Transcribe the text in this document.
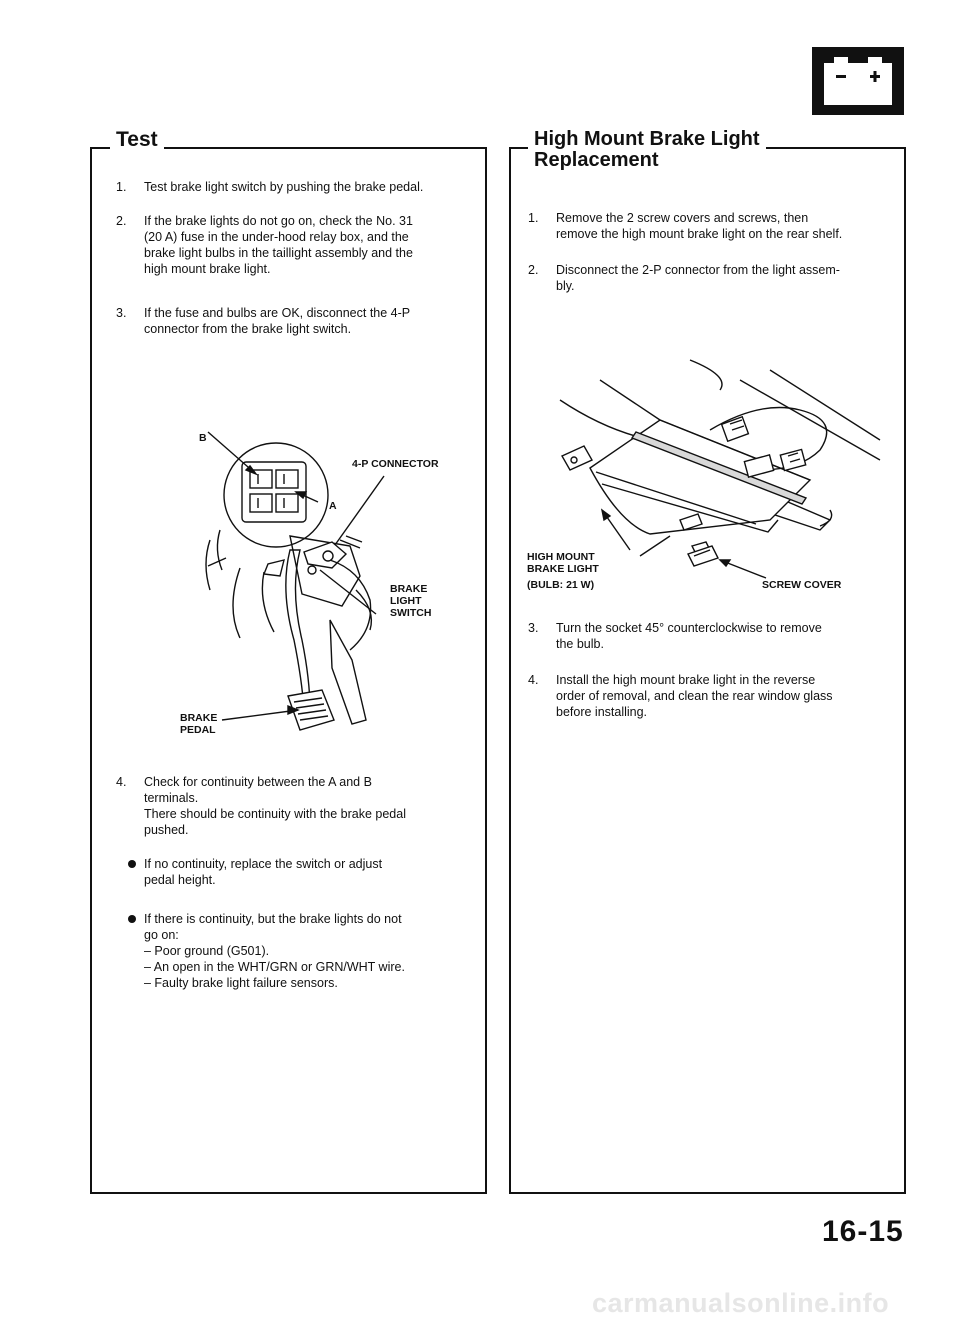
Test
1.	Test brake light switch by pushing the brake pedal.
2.	If the brake lights do not go on, check the No. 31
(20 A) fuse in the under-hood relay box, and the
brake light bulbs in the taillight assembly and the
high mount brake light.
3.	If the fuse and bulbs are OK, disconnect the 4-P
connector from the brake light switch.
B
A
4-P CONNECTOR
BRAKE
LIGHT
SWITCH
BRAKE
PEDAL
4.	Check for continuity between the A and B
terminals.
There should be continuity with the brake pedal
pushed.
If no continuity, replace the switch or adjust
pedal height.
If there is continuity, but the brake lights do not
go on:
– Poor ground (G501).
– An open in the WHT/GRN or GRN/WHT wire.
– Faulty brake light failure sensors.
High Mount Brake Light
Replacement
1.	Remove the 2 screw covers and screws, then
remove the high mount brake light on the rear shelf.
2.	Disconnect the 2-P connector from the light assem-
bly.
HIGH MOUNT
BRAKE LIGHT
(BULB: 21 W)	SCREW COVER
3.	Turn the socket 45° counterclockwise to remove
the bulb.
4.	Install the high mount brake light in the reverse
order of removal, and clean the rear window glass
before installing.
16-15
carmanualsonline.info
